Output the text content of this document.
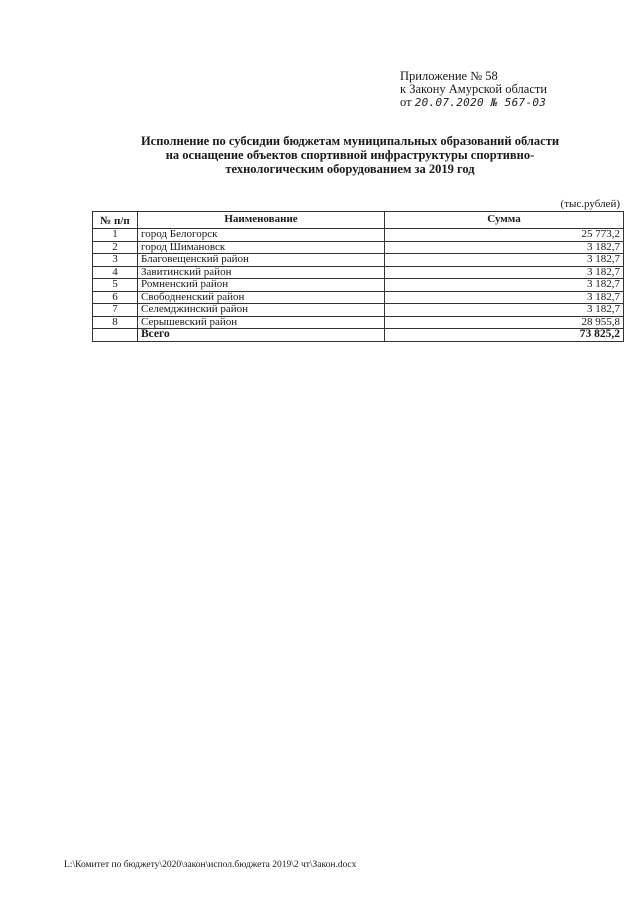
Приложение № 58
к Закону Амурской области
от 20.07.2020 № 567-03
Исполнение по субсидии бюджетам муниципальных образований области
на оснащение объектов спортивной инфраструктуры спортивно-
технологическим оборудованием за 2019 год
(тыс.рублей)
№ п/п	Наименование	Сумма
1	город Белогорск	25 773,2
2	город Шимановск	3 182,7
3	Благовещенский район	3 182,7
4	Завитинский район	3 182,7
5	Ромненский район	3 182,7
6	Свободненский район	3 182,7
7	Селемджинский район	3 182,7
8	Серышевский район	28 955,8
	Всего	73 825,2
L:\Комитет по бюджету\2020\закон\испол.бюджета 2019\2 чт\Закон.docx
